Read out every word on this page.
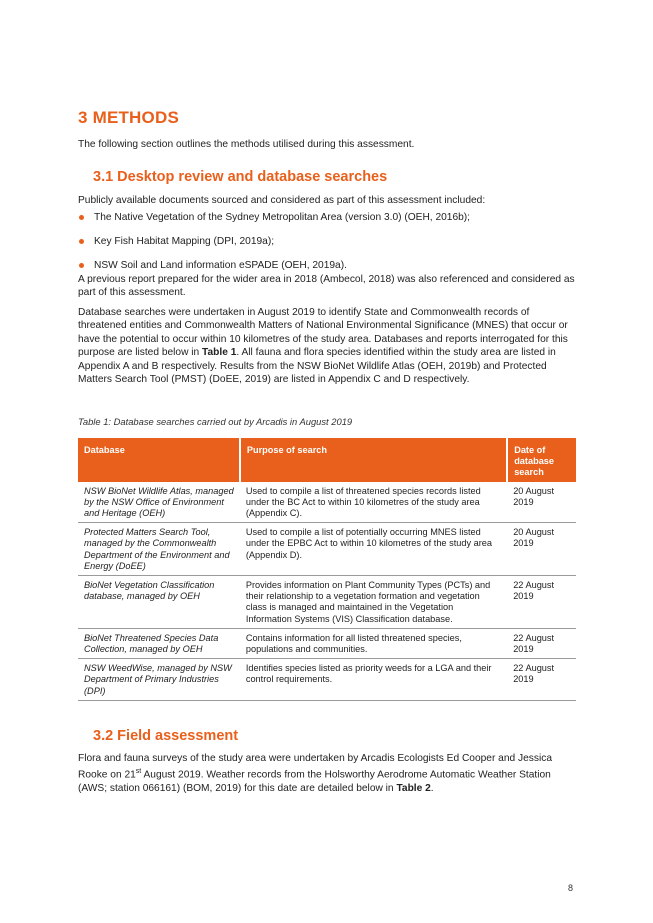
3 METHODS

The following section outlines the methods utilised during this assessment.

3.1 Desktop review and database searches

Publicly available documents sourced and considered as part of this assessment included:

The Native Vegetation of the Sydney Metropolitan Area (version 3.0) (OEH, 2016b);
Key Fish Habitat Mapping (DPI, 2019a);
NSW Soil and Land information eSPADE (OEH, 2019a).

A previous report prepared for the wider area in 2018 (Ambecol, 2018) was also referenced and considered as part of this assessment.

Database searches were undertaken in August 2019 to identify State and Commonwealth records of threatened entities and Commonwealth Matters of National Environmental Significance (MNES) that occur or have the potential to occur within 10 kilometres of the study area. Databases and reports interrogated for this purpose are listed below in Table 1. All fauna and flora species identified within the study area are listed in Appendix A and B respectively. Results from the NSW BioNet Wildlife Atlas (OEH, 2019b) and Protected Matters Search Tool (PMST) (DoEE, 2019) are listed in Appendix C and D respectively.

Table 1: Database searches carried out by Arcadis in August 2019

Database	Purpose of search	Date of database search
NSW BioNet Wildlife Atlas, managed by the NSW Office of Environment and Heritage (OEH)	Used to compile a list of threatened species records listed under the BC Act to within 10 kilometres of the study area (Appendix C).	20 August 2019
Protected Matters Search Tool, managed by the Commonwealth Department of the Environment and Energy (DoEE)	Used to compile a list of potentially occurring MNES listed under the EPBC Act to within 10 kilometres of the study area (Appendix D).	20 August 2019
BioNet Vegetation Classification database, managed by OEH	Provides information on Plant Community Types (PCTs) and their relationship to a vegetation formation and vegetation class is managed and maintained in the Vegetation Information Systems (VIS) Classification database.	22 August 2019
BioNet Threatened Species Data Collection, managed by OEH	Contains information for all listed threatened species, populations and communities.	22 August 2019
NSW WeedWise, managed by NSW Department of Primary Industries (DPI)	Identifies species listed as priority weeds for a LGA and their control requirements.	22 August 2019
3.2 Field assessment

Flora and fauna surveys of the study area were undertaken by Arcadis Ecologists Ed Cooper and Jessica Rooke on 21st August 2019. Weather records from the Holsworthy Aerodrome Automatic Weather Station (AWS; station 066161) (BOM, 2019) for this date are detailed below in Table 2.

8
